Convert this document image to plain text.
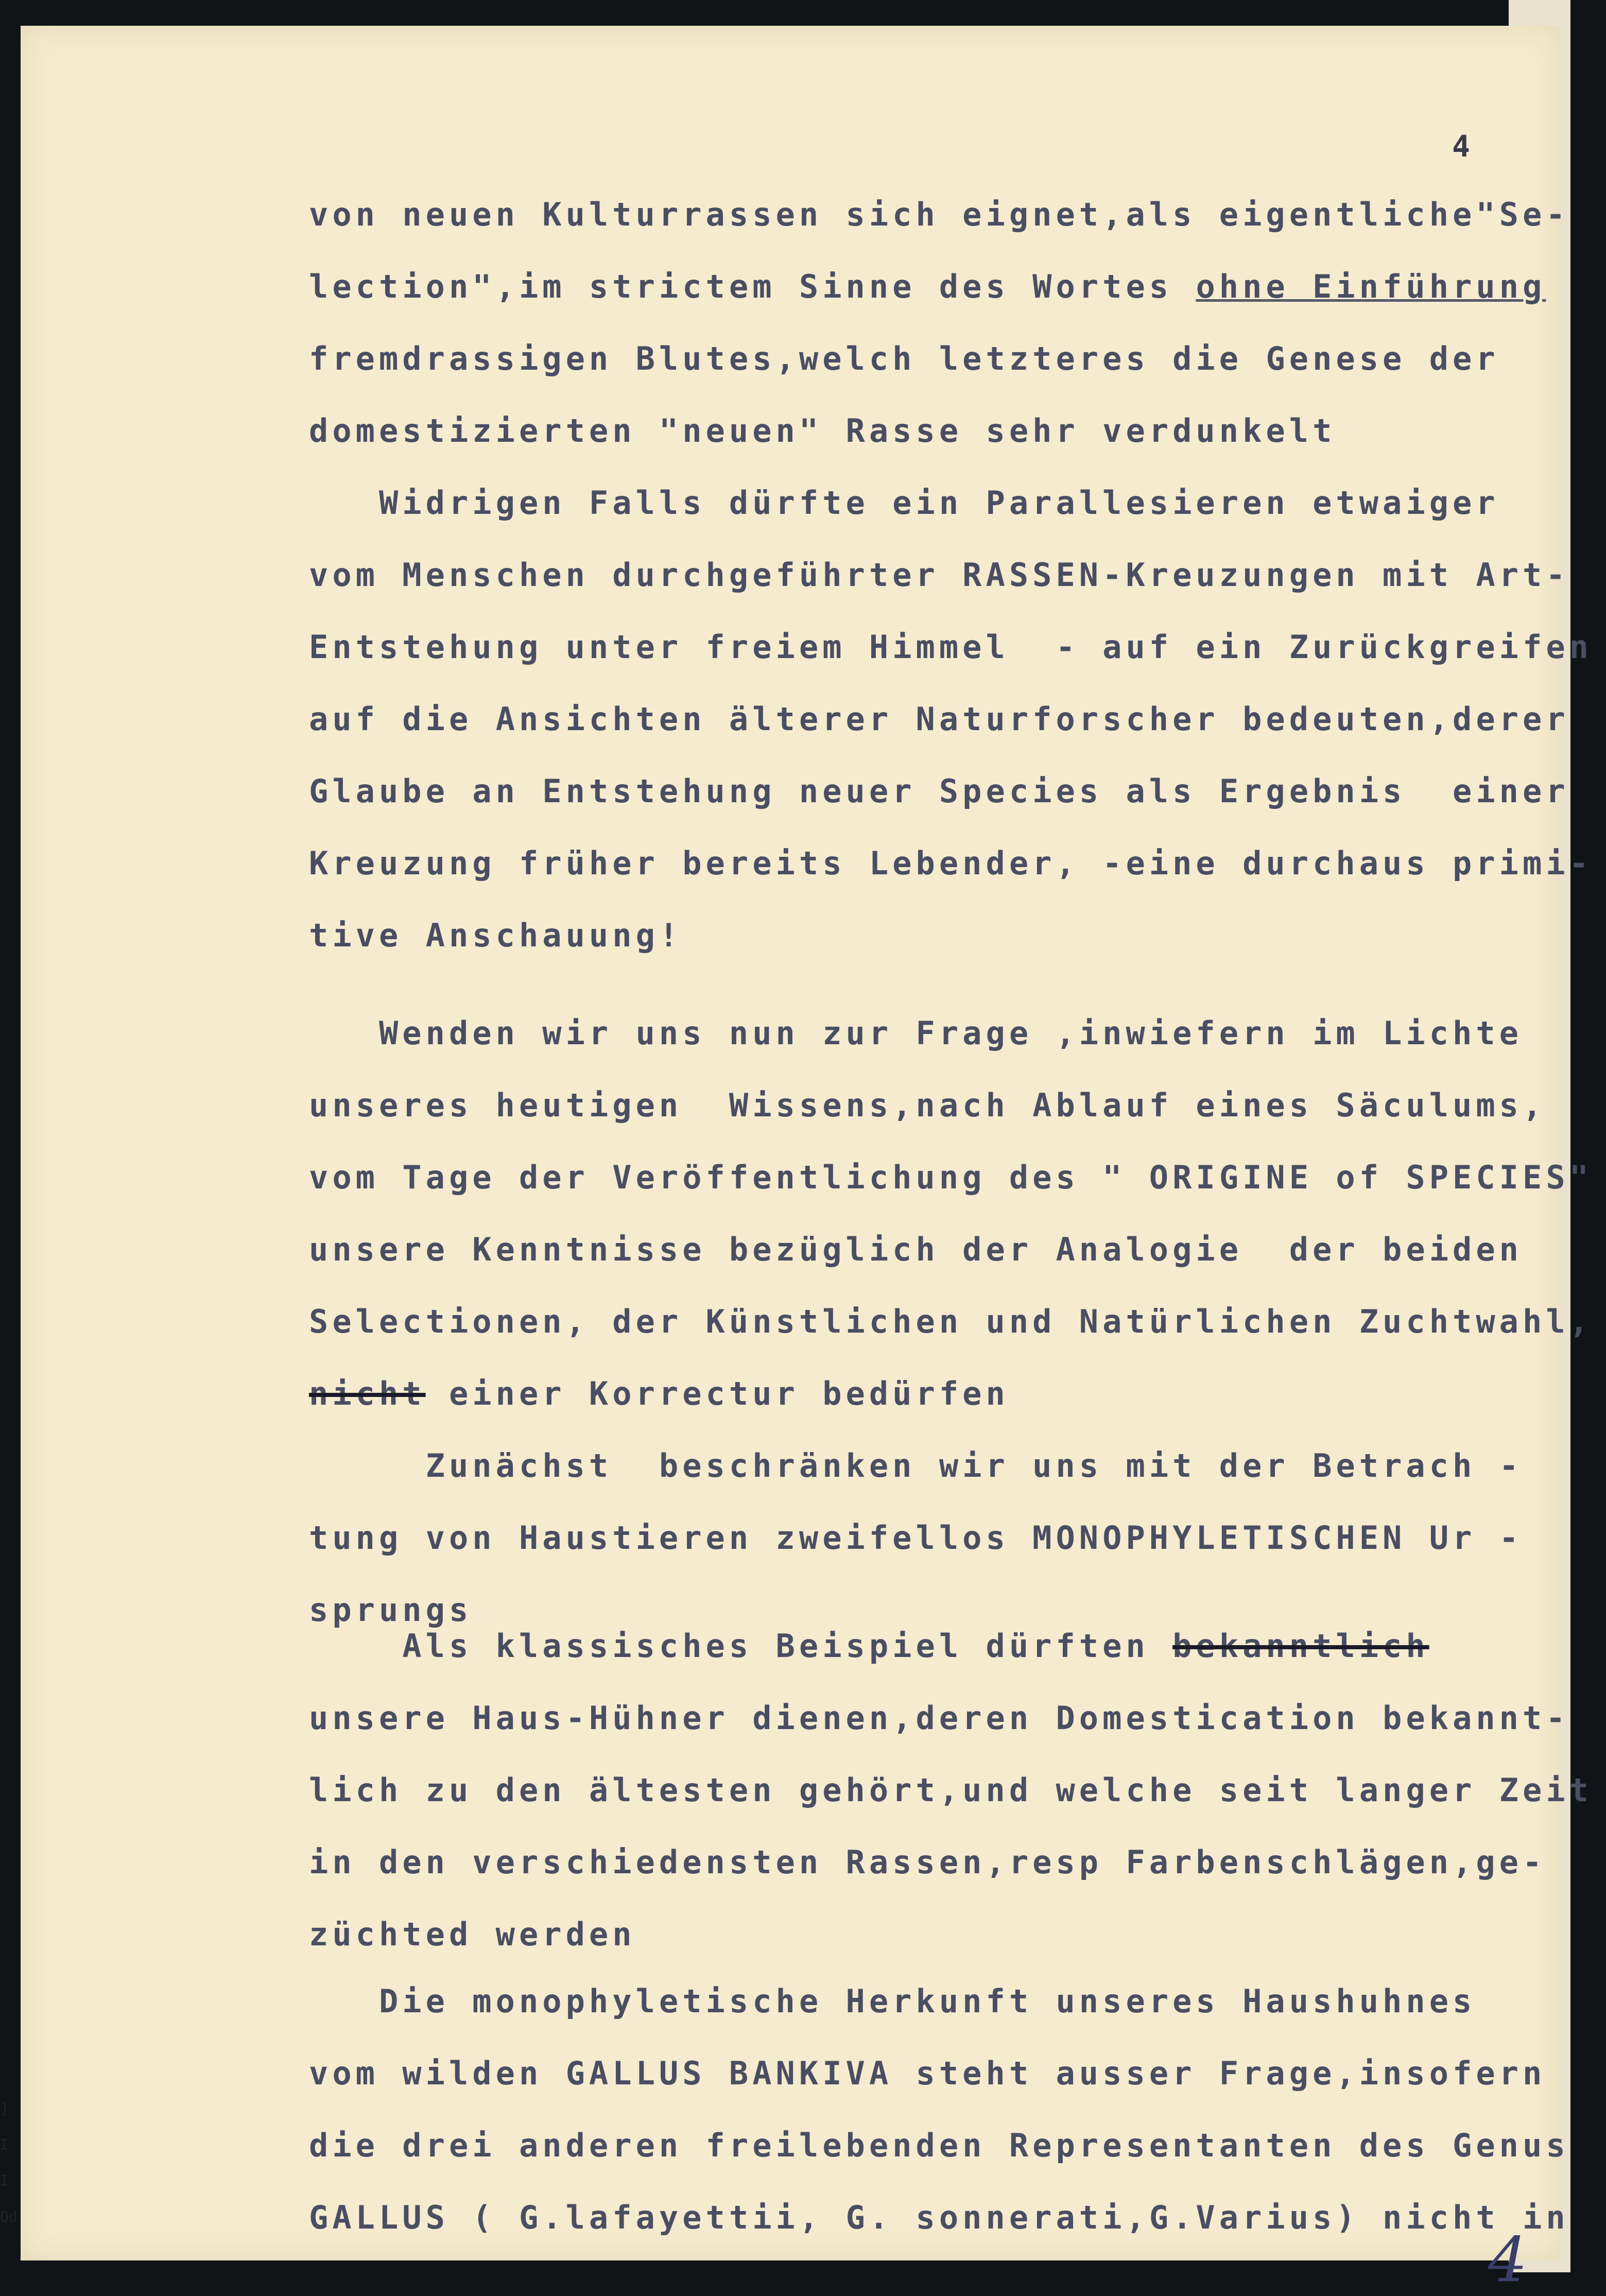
4
von neuen Kulturrassen sich eignet,als eigentliche"Se-
lection",im strictem Sinne des Wortes ohne Einführung
fremdrassigen Blutes,welch letzteres die Genese der
domestizierten "neuen" Rasse sehr verdunkelt
Widrigen Falls dürfte ein Parallesieren etwaiger
vom Menschen durchgeführter RASSEN-Kreuzungen mit Art-
Entstehung unter freiem Himmel  - auf ein Zurückgreifen
auf die Ansichten älterer Naturforscher bedeuten,derer
Glaube an Entstehung neuer Species als Ergebnis  einer
Kreuzung früher bereits Lebender, -eine durchaus primi-
tive Anschauung!
Wenden wir uns nun zur Frage ,inwiefern im Lichte
unseres heutigen  Wissens,nach Ablauf eines Säculums,
vom Tage der Veröffentlichung des " ORIGINE of SPECIES"
unsere Kenntnisse bezüglich der Analogie  der beiden
Selectionen, der Künstlichen und Natürlichen Zuchtwahl,
nicht einer Korrectur bedürfen
Zunächst  beschränken wir uns mit der Betrach -
tung von Haustieren zweifellos MONOPHYLETISCHEN Ur -
sprungs
Als klassisches Beispiel dürften bekanntlich
unsere Haus-Hühner dienen,deren Domestication bekannt-
lich zu den ältesten gehört,und welche seit langer Zeit
in den verschiedensten Rassen,resp Farbenschlägen,ge-
züchted werden
Die monophyletische Herkunft unseres Haushuhnes
vom wilden GALLUS BANKIVA steht ausser Frage,insofern
die drei anderen freilebenden Representanten des Genus
GALLUS ( G.lafayettii, G. sonnerati,G.Varius) nicht in
4
]
I
I
Qd
